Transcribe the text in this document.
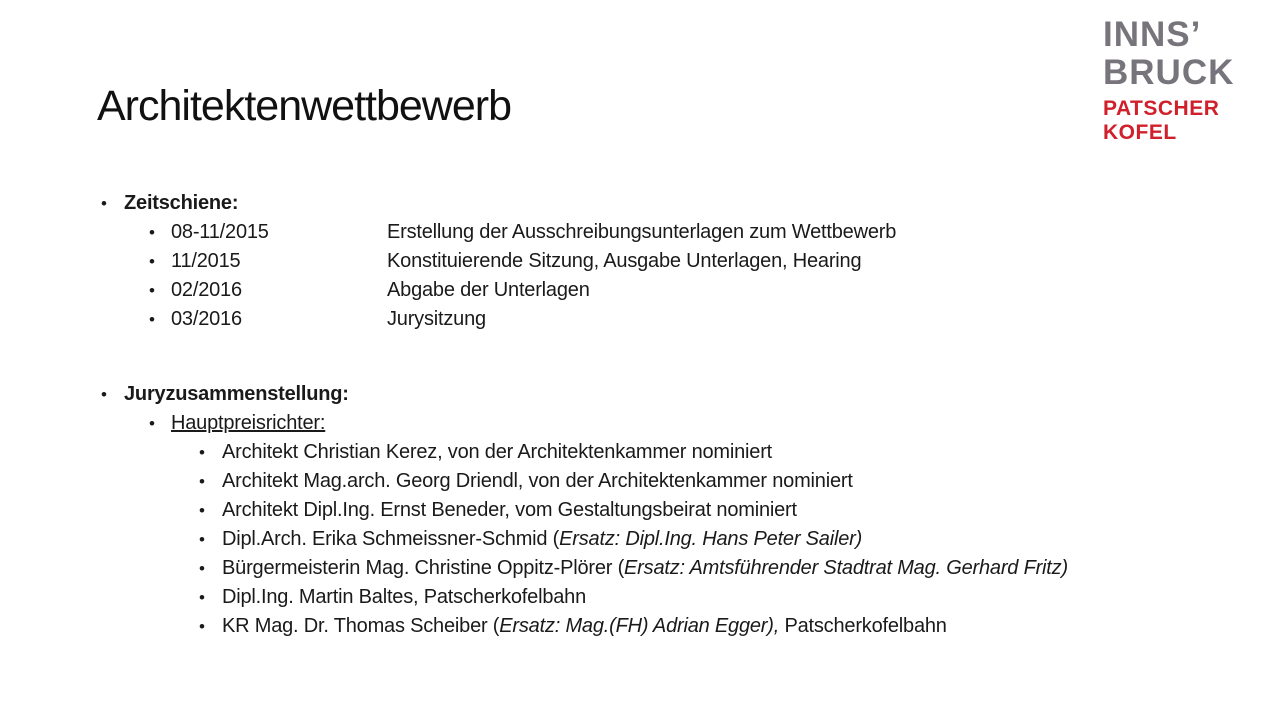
Architektenwettbewerb
INNS’
BRUCK
PATSCHER
KOFEL
• Zeitschiene:
• 08-11/2015	Erstellung der Ausschreibungsunterlagen zum Wettbewerb
• 11/2015	Konstituierende Sitzung, Ausgabe Unterlagen, Hearing
• 02/2016	Abgabe der Unterlagen
• 03/2016	Jurysitzung
• Juryzusammenstellung:
• Hauptpreisrichter:
• Architekt Christian Kerez, von der Architektenkammer nominiert
• Architekt Mag.arch. Georg Driendl, von der Architektenkammer nominiert
• Architekt Dipl.Ing. Ernst Beneder, vom Gestaltungsbeirat nominiert
• Dipl.Arch. Erika Schmeissner-Schmid (Ersatz: Dipl.Ing. Hans Peter Sailer)
• Bürgermeisterin Mag. Christine Oppitz-Plörer (Ersatz: Amtsführender Stadtrat Mag. Gerhard Fritz)
• Dipl.Ing. Martin Baltes, Patscherkofelbahn
• KR Mag. Dr. Thomas Scheiber (Ersatz: Mag.(FH) Adrian Egger), Patscherkofelbahn
